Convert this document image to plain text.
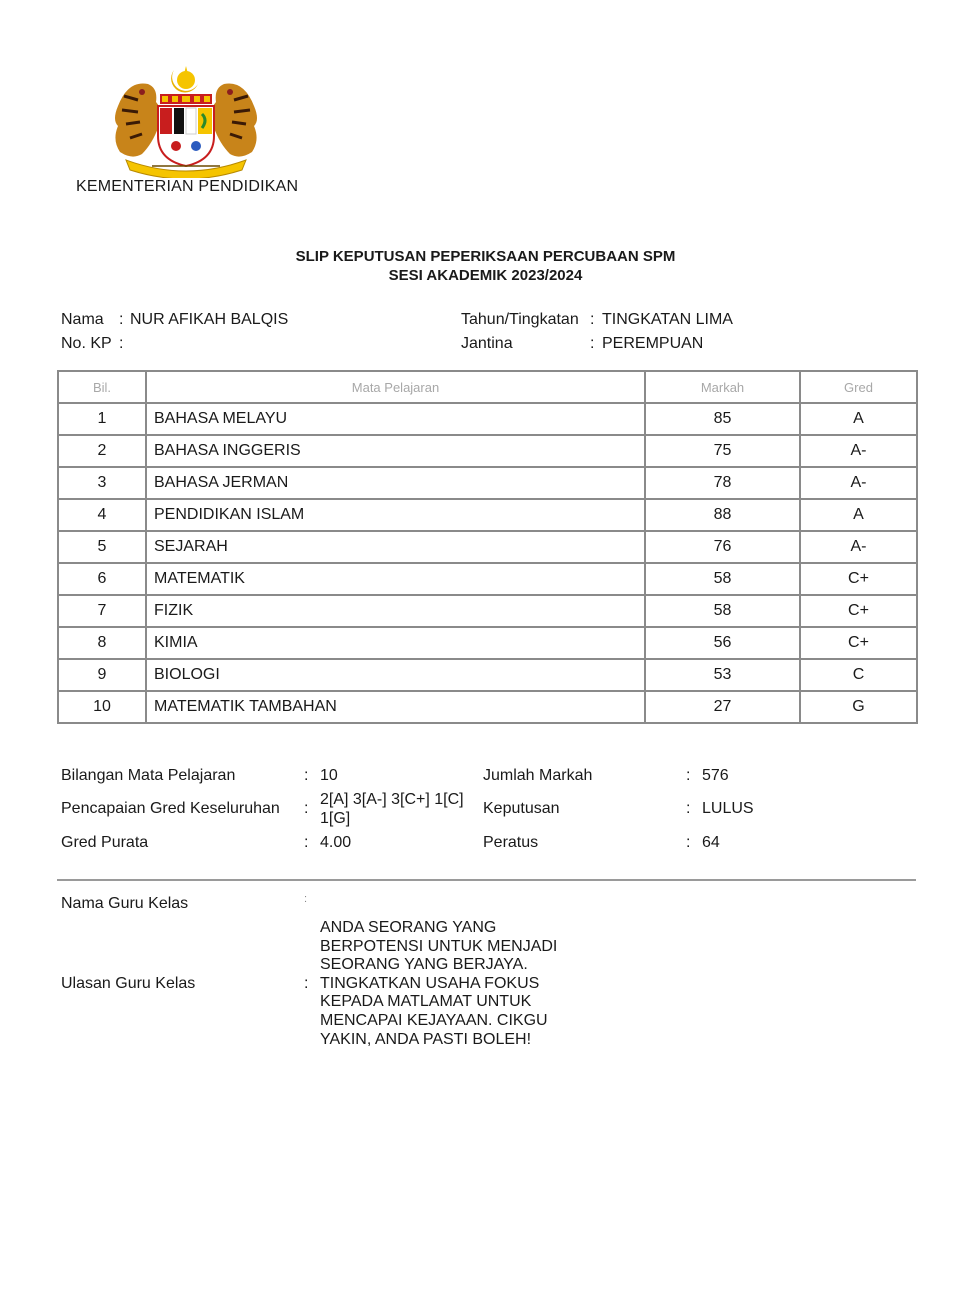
KEMENTERIAN PENDIDIKAN
SLIP KEPUTUSAN PEPERIKSAAN PERCUBAAN SPM
SESI AKADEMIK 2023/2024
Nama : NUR AFIKAH BALQIS
No. KP :
Tahun/Tingkatan : TINGKATAN LIMA
Jantina	: PEREMPUAN
Bil.	Mata Pelajaran	Markah	Gred
1	BAHASA MELAYU	85	A
2	BAHASA INGGERIS	75	A-
3	BAHASA JERMAN	78	A-
4	PENDIDIKAN ISLAM	88	A
5	SEJARAH	76	A-
6	MATEMATIK	58	C+
7	FIZIK	58	C+
8	KIMIA	56	C+
9	BIOLOGI	53	C
10	MATEMATIK TAMBAHAN	27	G
Bilangan Mata Pelajaran	: 10
Pencapaian Gred Keseluruhan :
2[A] 3[A-] 3[C+] 1[C]
1[G]
Gred Purata	: 4.00
Jumlah Markah	: 576
Keputusan	: LULUS
Peratus	: 64
Nama Guru Kelas	:
Ulasan Guru Kelas	:
ANDA SEORANG YANG BERPOTENSI UNTUK MENJADI SEORANG YANG BERJAYA. TINGKATKAN USAHA FOKUS KEPADA MATLAMAT UNTUK MENCAPAI KEJAYAAN. CIKGU YAKIN, ANDA PASTI BOLEH!
